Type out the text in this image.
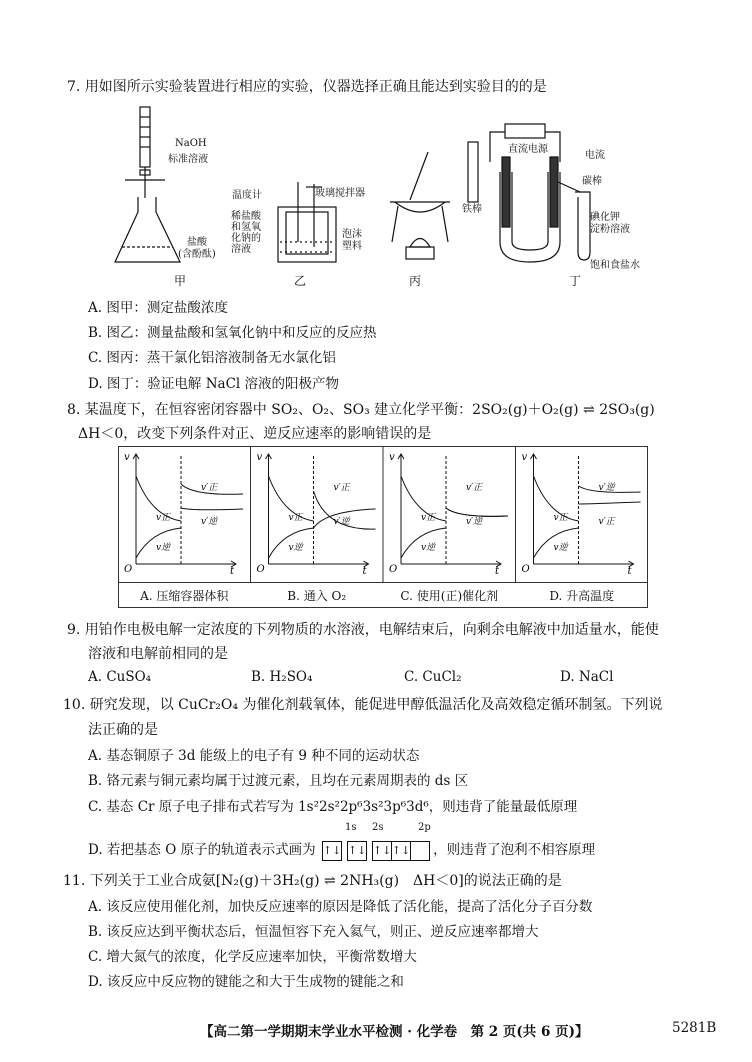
7. 用如图所示实验装置进行相应的实验，仪器选择正确且能达到实验目的的是
NaOH
标准溶液
盐酸
(含酚酞)
温度计	玻璃搅拌器
稀盐酸
和氢氧
化钠的
溶液
泡沫
塑料
直流电源
电流
碳棒
铁棒
碘化钾
淀粉溶液
饱和食盐水
甲	乙	丙	丁
A. 图甲：测定盐酸浓度
B. 图乙：测量盐酸和氢氧化钠中和反应的反应热
C. 图丙：蒸干氯化铝溶液制备无水氯化铝
D. 图丁：验证电解 NaCl 溶液的阳极产物
8. 某温度下，在恒容密闭容器中 SO₂、O₂、SO₃ 建立化学平衡：2SO₂(g)＋O₂(g) ⇌ 2SO₃(g)
ΔH＜0，改变下列条件对正、逆反应速率的影响错误的是
v
t
O
v正
v逆
v′正
v′逆
v
t
O
v正
v逆
v′正
v′逆
v
t
O
v正
v逆
v′正
v′逆
v
t
O
v正
v逆
v′逆
v′正
A. 压缩容器体积	B. 通入 O₂	C. 使用(正)催化剂	D. 升高温度
9. 用铂作电极电解一定浓度的下列物质的水溶液，电解结束后，向剩余电解液中加适量水，能使
溶液和电解前相同的是
A. CuSO₄	B. H₂SO₄	C. CuCl₂	D. NaCl
10. 研究发现，以 CuCr₂O₄ 为催化剂载氧体，能促进甲醇低温活化及高效稳定循环制氢。下列说
法正确的是
A. 基态铜原子 3d 能级上的电子有 9 种不同的运动状态
B. 铬元素与铜元素均属于过渡元素，且均在元素周期表的 ds 区
C. 基态 Cr 原子电子排布式若写为 1s²2s²2p⁶3s²3p⁶3d⁶，则违背了能量最低原理
1s 2s	2p
D. 若把基态 O 原子的轨道表示式画为 ↑↓ ↑↓ ↑↓↑↓ ，则违背了泡利不相容原理
11. 下列关于工业合成氨[N₂(g)＋3H₂(g) ⇌ 2NH₃(g)　ΔH＜0]的说法正确的是
A. 该反应使用催化剂，加快反应速率的原因是降低了活化能，提高了活化分子百分数
B. 该反应达到平衡状态后，恒温恒容下充入氦气，则正、逆反应速率都增大
C. 增大氮气的浓度，化学反应速率加快，平衡常数增大
D. 该反应中反应物的键能之和大于生成物的键能之和
【高二第一学期期末学业水平检测 · 化学卷　第 2 页(共 6 页)】	5281B
